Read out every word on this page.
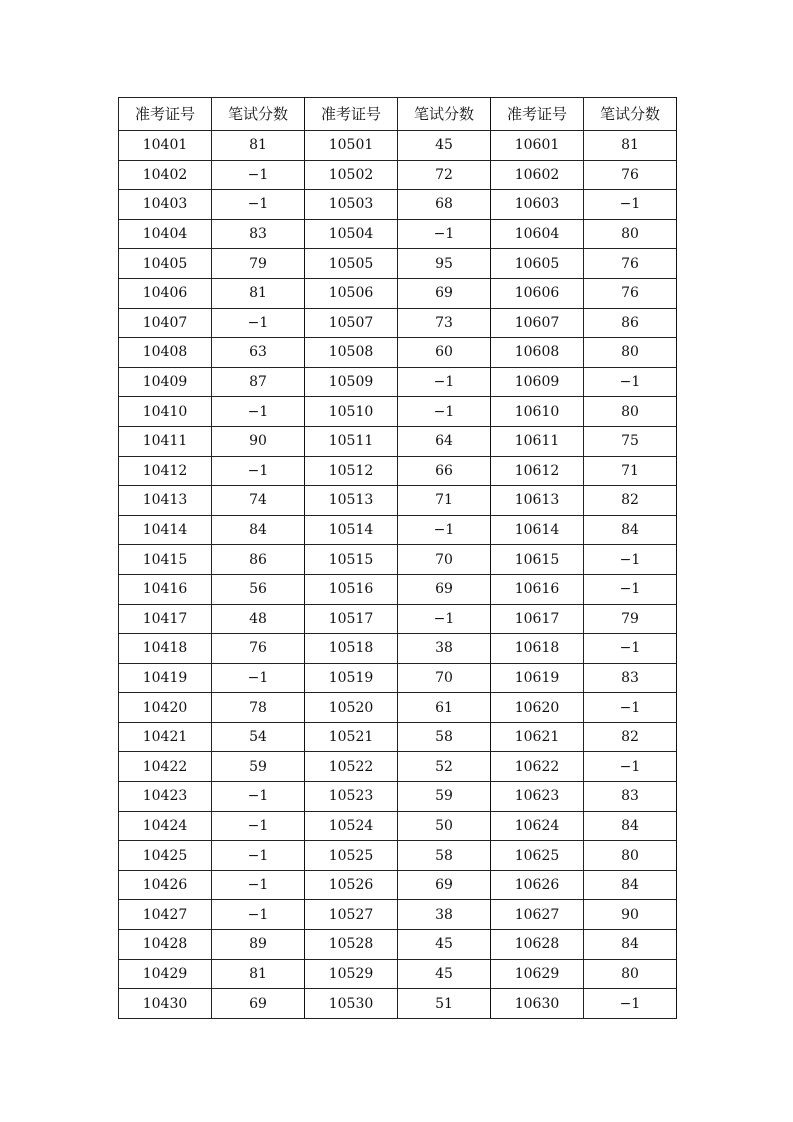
准考证号	笔试分数	准考证号	笔试分数	准考证号	笔试分数
10401	81	10501	45	10601	81
10402	−1	10502	72	10602	76
10403	−1	10503	68	10603	−1
10404	83	10504	−1	10604	80
10405	79	10505	95	10605	76
10406	81	10506	69	10606	76
10407	−1	10507	73	10607	86
10408	63	10508	60	10608	80
10409	87	10509	−1	10609	−1
10410	−1	10510	−1	10610	80
10411	90	10511	64	10611	75
10412	−1	10512	66	10612	71
10413	74	10513	71	10613	82
10414	84	10514	−1	10614	84
10415	86	10515	70	10615	−1
10416	56	10516	69	10616	−1
10417	48	10517	−1	10617	79
10418	76	10518	38	10618	−1
10419	−1	10519	70	10619	83
10420	78	10520	61	10620	−1
10421	54	10521	58	10621	82
10422	59	10522	52	10622	−1
10423	−1	10523	59	10623	83
10424	−1	10524	50	10624	84
10425	−1	10525	58	10625	80
10426	−1	10526	69	10626	84
10427	−1	10527	38	10627	90
10428	89	10528	45	10628	84
10429	81	10529	45	10629	80
10430	69	10530	51	10630	−1
